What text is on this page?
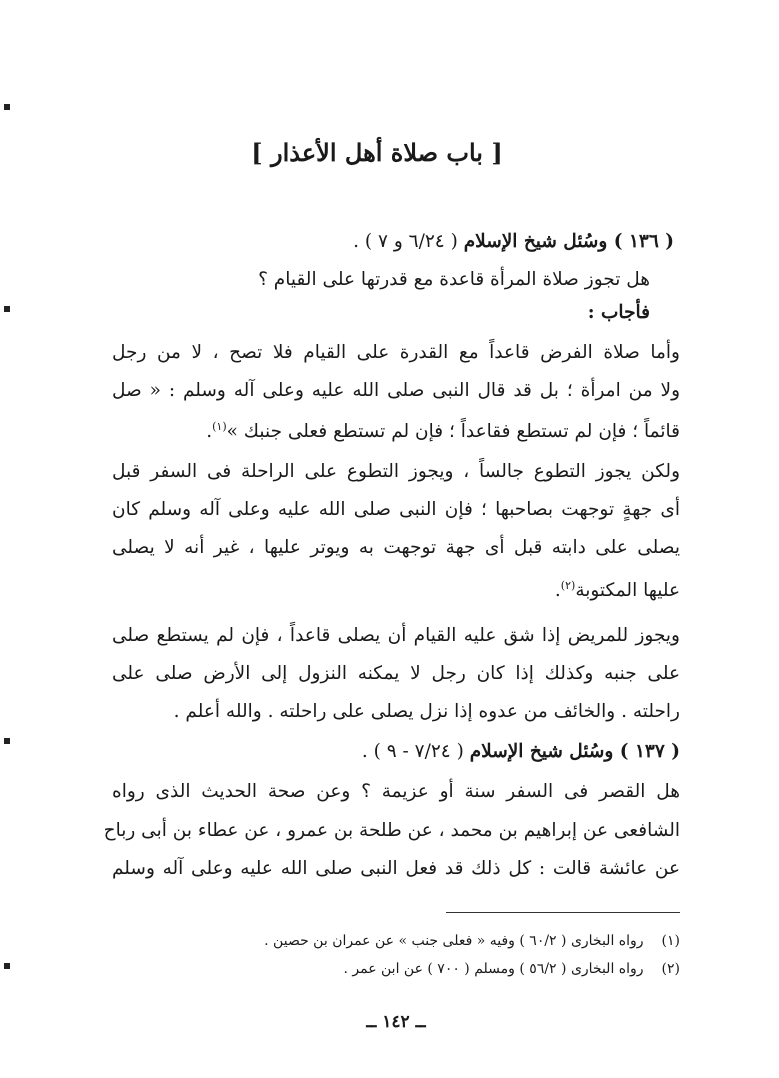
[ باب صلاة أهل الأعذار ]
( ١٣٦ ) وسُئل شيخ الإسلام ( ٦/٢٤ و ٧ ) .
هل تجوز صلاة المرأة قاعدة مع قدرتها على القيام ؟
فأجاب :
وأما صلاة الفرض قاعداً مع القدرة على القيام فلا تصح ، لا من رجل
ولا من امرأة ؛ بل قد قال النبى صلى الله عليه وعلى آله وسلم : « صل
قائماً ؛ فإن لم تستطع فقاعداً ؛ فإن لم تستطع فعلى جنبك »$^{(١)}$.
ولكن يجوز التطوع جالساً ، ويجوز التطوع على الراحلة فى السفر قبل
أى جهةٍ توجهت بصاحبها ؛ فإن النبى صلى الله عليه وعلى آله وسلم كان
يصلى على دابته قبل أى جهة توجهت به ويوتر عليها ، غير أنه لا يصلى
عليها المكتوبة$^{(٢)}$.
ويجوز للمريض إذا شق عليه القيام أن يصلى قاعداً ، فإن لم يستطع صلى
على جنبه وكذلك إذا كان رجل لا يمكنه النزول إلى الأرض صلى على
راحلته . والخائف من عدوه إذا نزل يصلى على راحلته . والله أعلم .
( ١٣٧ ) وسُئل شيخ الإسلام ( ٧/٢٤ - ٩ ) .
هل القصر فى السفر سنة أو عزيمة ؟ وعن صحة الحديث الذى رواه
الشافعى عن إبراهيم بن محمد ، عن طلحة بن عمرو ، عن عطاء بن أبى رباح
عن عائشة قالت : كل ذلك قد فعل النبى صلى الله عليه وعلى آله وسلم
(١) رواه البخارى ( ٦٠/٢ ) وفيه « فعلى جنب » عن عمران بن حصين .
(٢) رواه البخارى ( ٥٦/٢ ) ومسلم ( ٧٠٠ ) عن ابن عمر .
ــ ١٤٢ ــ
